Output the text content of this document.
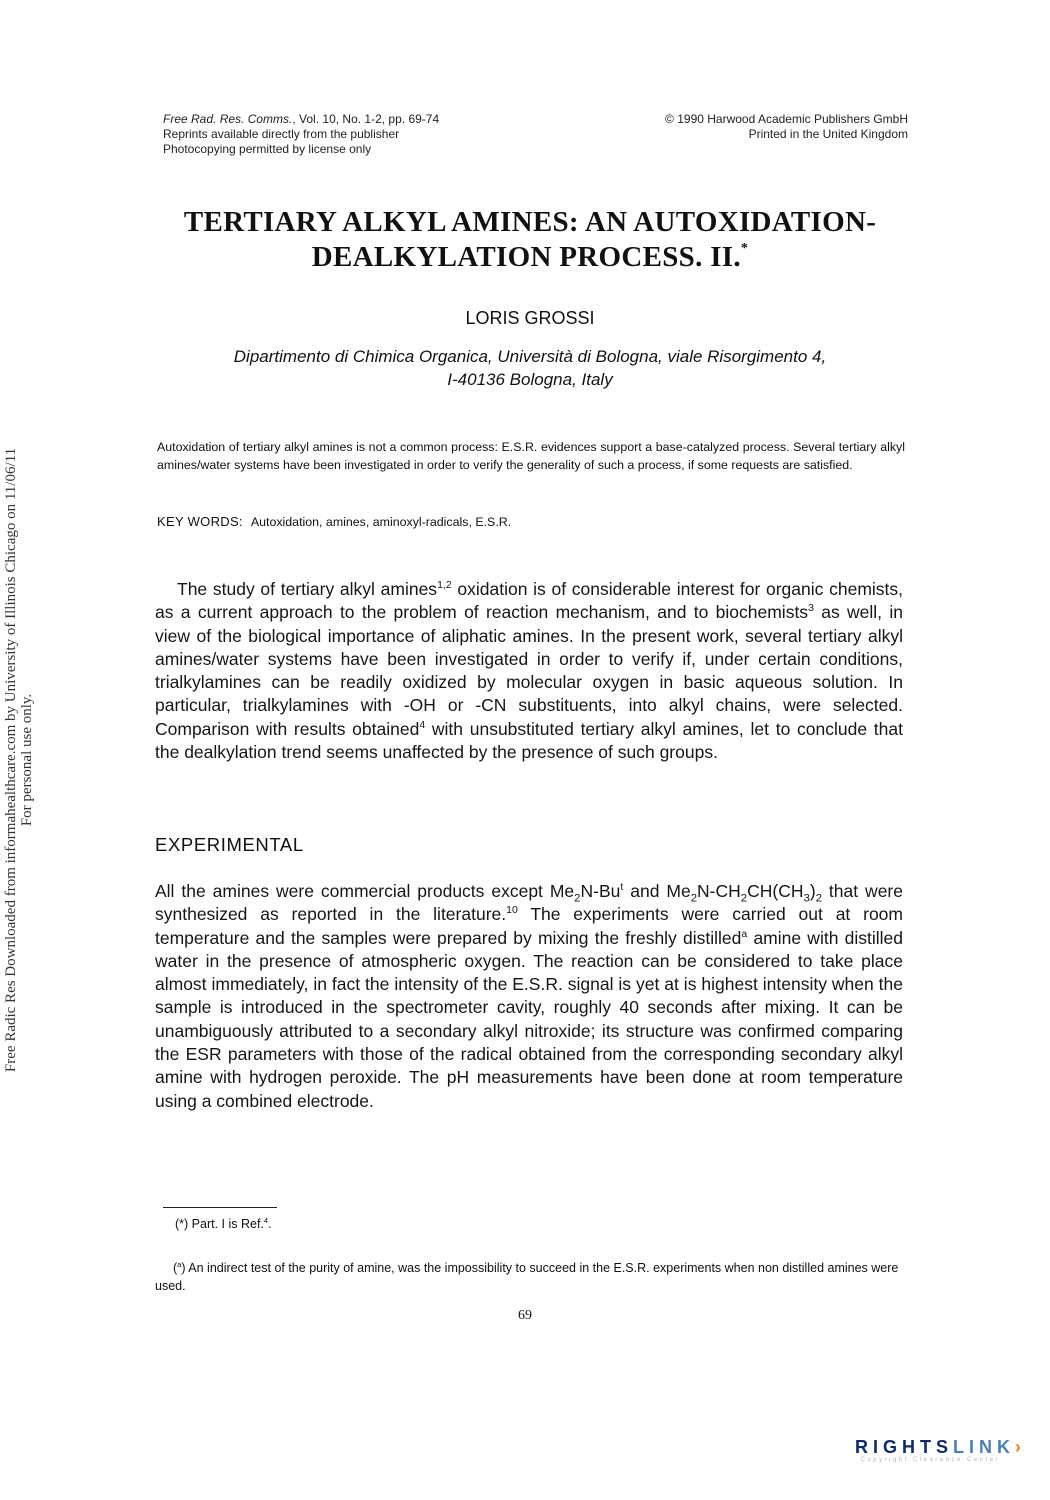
Free Rad. Res. Comms., Vol. 10, No. 1-2, pp. 69-74
Reprints available directly from the publisher
Photocopying permitted by license only
© 1990 Harwood Academic Publishers GmbH
Printed in the United Kingdom
TERTIARY ALKYL AMINES: AN AUTOXIDATION-
DEALKYLATION PROCESS. II.*
LORIS GROSSI
Dipartimento di Chimica Organica, Università di Bologna, viale Risorgimento 4,
I-40136 Bologna, Italy
Autoxidation of tertiary alkyl amines is not a common process: E.S.R. evidences support a base-catalyzed process. Several tertiary alkyl amines/water systems have been investigated in order to verify the generality of such a process, if some requests are satisfied.
KEY WORDS: Autoxidation, amines, aminoxyl-radicals, E.S.R.
The study of tertiary alkyl amines$^{1,2}$ oxidation is of considerable interest for organic chemists, as a current approach to the problem of reaction mechanism, and to biochemists$^3$ as well, in view of the biological importance of aliphatic amines. In the present work, several tertiary alkyl amines/water systems have been investigated in order to verify if, under certain conditions, trialkylamines can be readily oxidized by molecular oxygen in basic aqueous solution. In particular, trialkylamines with -OH or -CN substituents, into alkyl chains, were selected. Comparison with results obtained$^4$ with unsubstituted tertiary alkyl amines, let to conclude that the dealkylation trend seems unaffected by the presence of such groups.
EXPERIMENTAL
All the amines were commercial products except $Me_2N-Bu^t$ and $Me_2N-CH_2CH(CH_3)_2$ that were synthesized as reported in the literature.$^{10}$ The experiments were carried out at room temperature and the samples were prepared by mixing the freshly distilled$^a$ amine with distilled water in the presence of atmospheric oxygen. The reaction can be considered to take place almost immediately, in fact the intensity of the E.S.R. signal is yet at is highest intensity when the sample is introduced in the spectrometer cavity, roughly 40 seconds after mixing. It can be unambiguously attributed to a secondary alkyl nitroxide; its structure was confirmed comparing the ESR parameters with those of the radical obtained from the corresponding secondary alkyl amine with hydrogen peroxide. The pH measurements have been done at room temperature using a combined electrode.
(*) Part. I is Ref.$^4$.
($^a$) An indirect test of the purity of amine, was the impossibility to succeed in the E.S.R. experiments when non distilled amines were used.
69
Free Radic Res Downloaded from informahealthcare.com by University of Illinois Chicago on 11/06/11 For personal use only.
RIGHTSLINK›
Copyright Clearance Center
